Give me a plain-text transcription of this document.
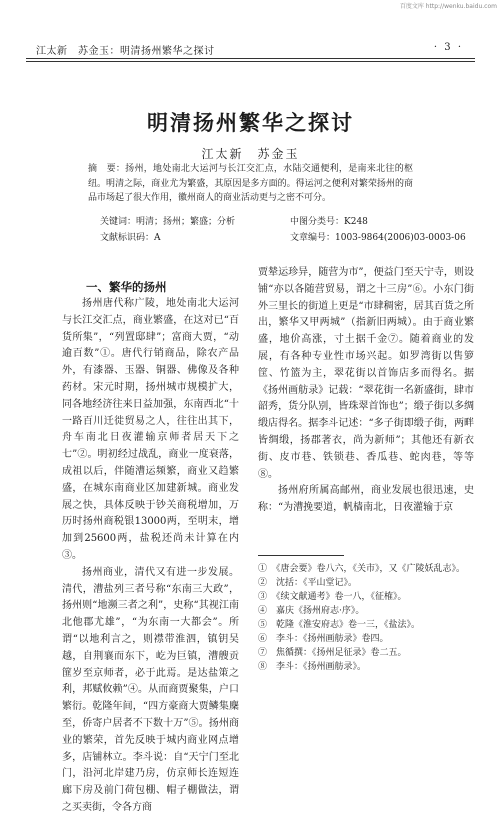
百度文库 http://wenku.baidu.com
江太新　苏金玉：明清扬州繁华之探讨	· 3 ·
明清扬州繁华之探讨
江太新　苏金玉
摘　要：扬州，地处南北大运河与长江交汇点，水陆交通便利，是南来北往的枢纽。明清之际，商业尤为繁盛，其原因是多方面的。得运河之便利对繁荣扬州的商品市场起了很大作用，徽州商人的商业活动更与之密不可分。
关键词：明清；扬州；繁盛；分析	中图分类号：K248
文献标识码：A	文章编号：1003-9864(2006)03-0003-06
一、繁华的扬州

扬州唐代称广陵，地处南北大运河与长江交汇点，商业繁盛，在这对已“百货所集”，“列置邸肆”；富商大贾，“动逾百数”①。唐代行销商品，除农产品外，有漆器、玉器、铜器、佛像及各种药材。宋元时期，扬州城市规模扩大，同各地经济往来日益加强，东南西北“十一路百川迁徙贸易之人，往往出其下，舟车南北日夜灌输京师者居天下之七”②。明初经过战乱，商业一度衰落，成祖以后，伴随漕运频繁，商业又趋繁盛，在城东南商业区加建新城。商业发展之快，具体反映于钞关商税增加，万历时扬州商税银13000两，至明末，增加到25600两，盐税还尚未计算在内③。

扬州商业，清代又有进一步发展。清代，漕盐列三者号称“东南三大政”，扬州则“地濒三者之利”，史称“其视江南北他郡尤雄”，“为东南一大都会”。所谓“以地利言之，则襟带淮泗，镇钥吴越，自荆襄而东下，屹为巨镇，漕艘贡篚岁至京师者，必于此焉。是达盐策之利，邦赋攸赖”④。从而商贾聚集，户口繁衍。乾隆年间，“四方豪商大贾鳞集麇至，侨寄户居者不下数十万”⑤。扬州商业的繁荣，首先反映于城内商业网点增多，店铺林立。李斗说：自“天宁门至北门，沿河北岸建乃房，仿京师长连短连廊下房及前门荷包棚、帽子棚做法，谓之买卖街，令各方商

贾辇运珍异，随营为市”，便益门至天宁寺，则设铺“亦以各随营贸易，谓之十三房”⑥。小东门街外三里长的街道上更是“市肆稠密，居其百货之所出，繁华又甲两城”（指新旧两城）。由于商业繁盛，地价高涨，寸土据千金⑦。随着商业的发展，有各种专业性市场兴起。如罗湾街以售箩筐、竹篮为主，翠花街以首饰店多而得名。据《扬州画舫录》记载：“翠花街一名新盛街，肆市韶秀，货分队别，皆珠翠首饰也”；缎子街以多绸缎店得名。据李斗记述：“多子街即缎子街，两畔皆绸缎，扬郡著衣，尚为新师”；其他还有新衣街、皮市巷、铁锁巷、香瓜巷、蛇肉巷，等等⑧。

扬州府所属高邮州，商业发展也很迅速，史称：“为漕挽要道，帆樯南北，日夜灌输于京

①　《唐会要》卷八六，《关市》，又《广陵妖乱志》。
②　沈括：《平山堂记》。
③　《续文献通考》卷一八，《征榷》。
④　嘉庆《扬州府志·序》。
⑤　乾隆《淮安府志》卷一三，《盐法》。
⑥　李斗：《扬州画舫录》卷四。
⑦　焦循撰：《扬州足征录》卷二五。
⑧　李斗：《扬州画舫录》。
